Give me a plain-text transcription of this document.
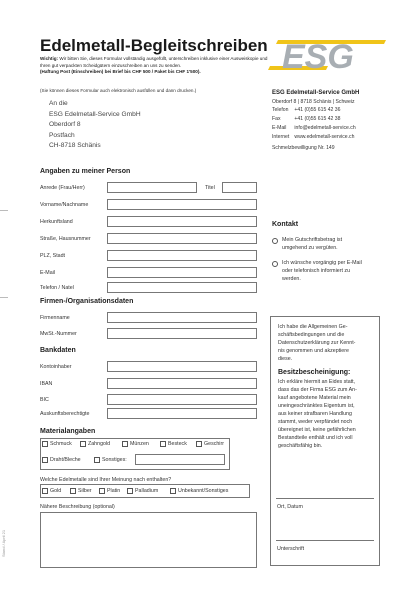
Edelmetall-Begleitschreiben
Wichtig: Wir bitten Sie, dieses Formular vollständig ausgefüllt, unterschreiben inklusive einer Ausweiskopie und Ihren gut verpackten Scheidgütern einzuschreiben an uns zu senden.
(Haftung Post (Einschreiben) bei Brief bis CHF 500 / Paket bis CHF 1'500).
(Sie können dieses Formular auch elektronisch ausfüllen und dann drucken.)
ESG
An die
ESG Edelmetall-Service GmbH
Oberdorf 8
Postfach
CH-8718 Schänis
ESG Edelmetall-Service GmbH
Oberdorf 8 | 8718 Schänis | Schweiz
Telefon +41 (0)55 615 42 36
Fax	+41 (0)55 615 42 38
E-Mail info@edelmetall-service.ch
Internet www.edelmetall-service.ch
Schmelzbewilligung Nr. 149
Angaben zu meiner Person
Anrede (Frau/Herr)	Titel
Vorname/Nachname
Herkunftsland
Straße, Hausnummer
PLZ, Stadt
E-Mail
Telefon / Natel
Firmen-/Organisationsdaten
Firmenname
MwSt.-Nummer
Bankdaten
Kontoinhaber
IBAN
BIC
Auskunftsberechtigte
Materialangaben
Schmuck	Zahngold	Münzen	Besteck	Geschirr
Draht/Bleche	Sonstiges:
Welche Edelmetalle sind Ihrer Meinung nach enthalten?
Gold	Silber	Platin	Palladium	Unbekannt/Sonstiges
Nähere Beschreibung (optional)
Kontakt
Mein Gutschriftsbetrag ist
umgehend zu vergüten.
Ich wünsche vorgängig per E-Mail
oder telefonisch informiert zu
werden.
Ich habe die Allgemeinen Ge-
schäftsbedingungen und die
Datenschutzerklärung zur Kennt-
nis genommen und akzeptiere
diese.
Besitzbescheinigung:
Ich erkläre hiermit an Eides statt,
dass das der Firma ESG zum An-
kauf angebotene Material mein
uneingeschränktes Eigentum ist,
aus keiner strafbaren Handlung
stammt, weder verpfändet noch
übereignet ist, keine gefährlichen
Bestandteile enthält und ich voll
geschäftsfähig bin.
Ort, Datum
Unterschrift
Stand / April 21
